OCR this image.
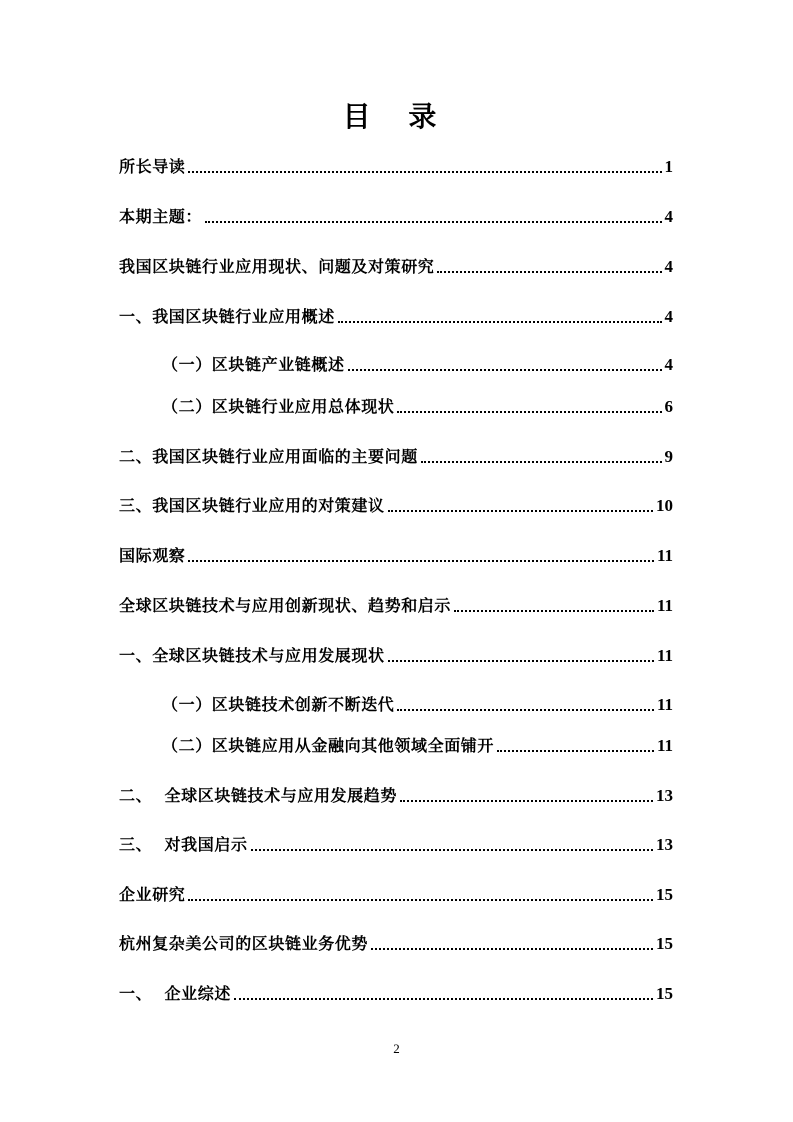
目 录
所长导读	1
本期主题：	4
我国区块链行业应用现状、问题及对策研究	4
一、我国区块链行业应用概述	4
（一）区块链产业链概述	4
（二）区块链行业应用总体现状	6
二、我国区块链行业应用面临的主要问题	9
三、我国区块链行业应用的对策建议	10
国际观察	11
全球区块链技术与应用创新现状、趋势和启示	11
一、全球区块链技术与应用发展现状	11
（一）区块链技术创新不断迭代	11
（二）区块链应用从金融向其他领域全面铺开	11
二、  全球区块链技术与应用发展趋势	13
三、  对我国启示	13
企业研究	15
杭州复杂美公司的区块链业务优势	15
一、  企业综述	15
2
